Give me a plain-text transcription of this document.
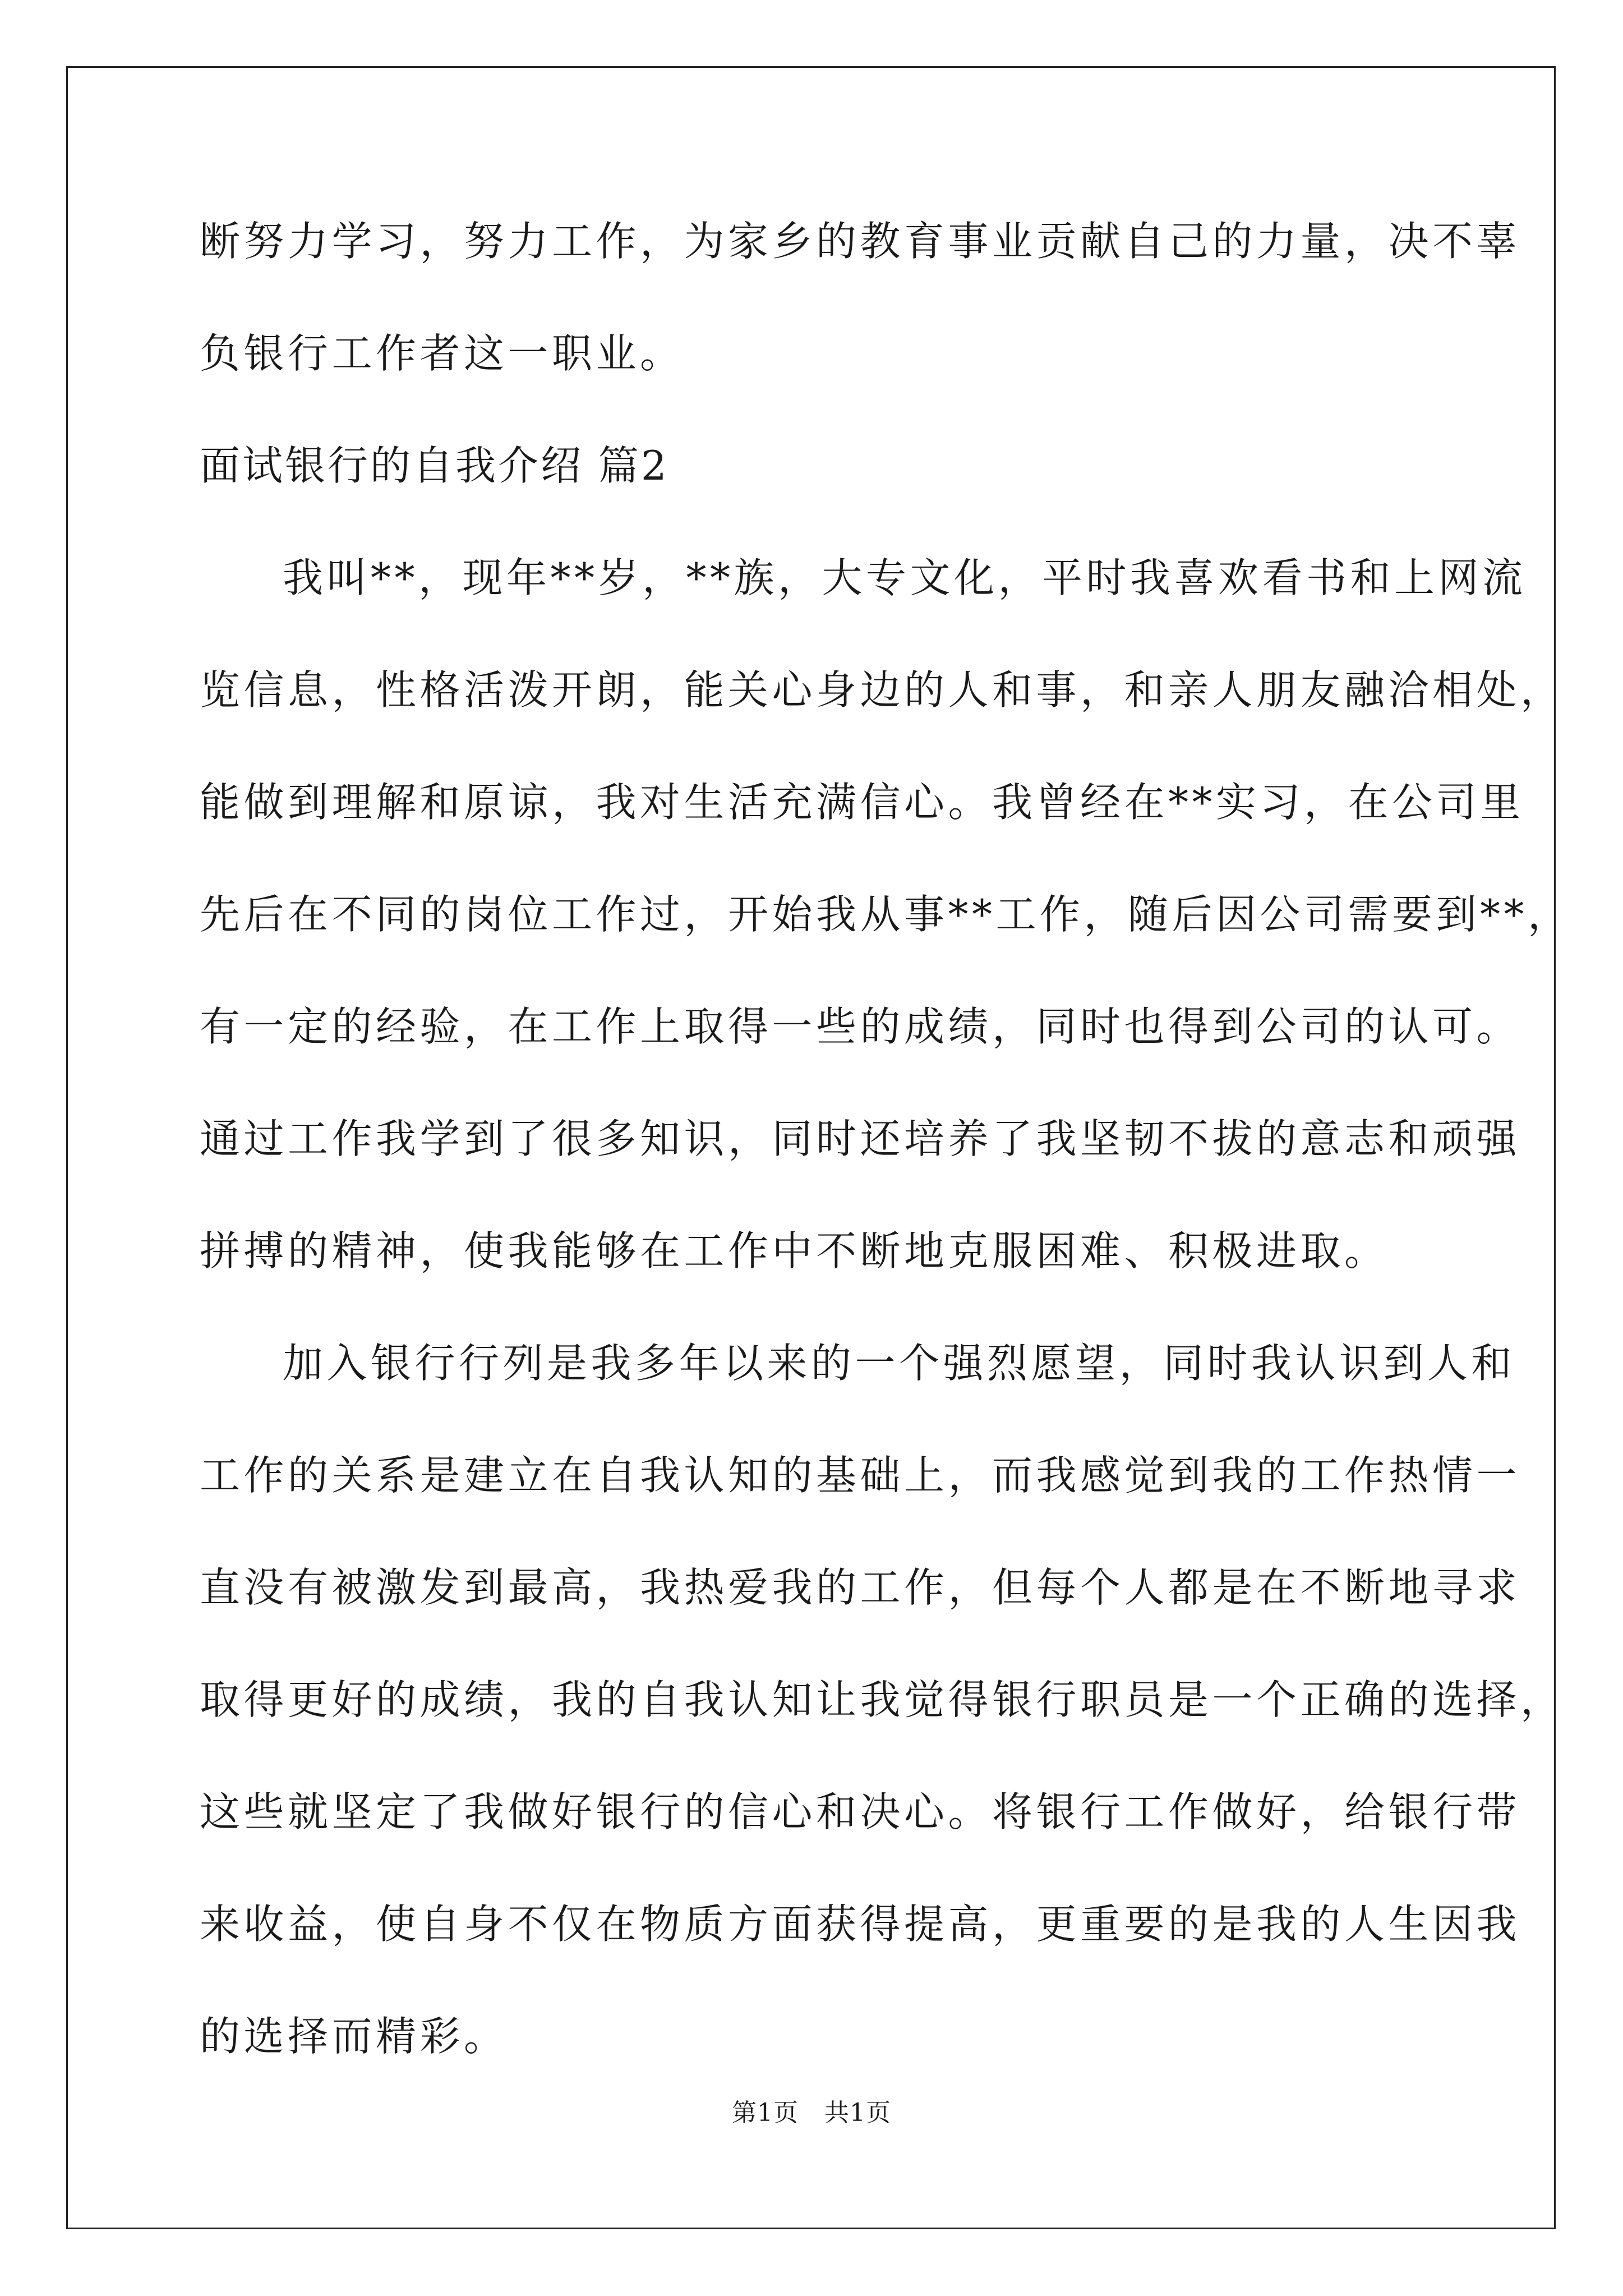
断努力学习，努力工作，为家乡的教育事业贡献自己的力量，决不辜
负银行工作者这一职业。
面试银行的自我介绍 篇2
我叫**，现年**岁，**族，大专文化，平时我喜欢看书和上网流
览信息，性格活泼开朗，能关心身边的人和事，和亲人朋友融洽相处，
能做到理解和原谅，我对生活充满信心。我曾经在**实习，在公司里
先后在不同的岗位工作过，开始我从事**工作，随后因公司需要到**，
有一定的经验，在工作上取得一些的成绩，同时也得到公司的认可。
通过工作我学到了很多知识，同时还培养了我坚韧不拔的意志和顽强
拼搏的精神，使我能够在工作中不断地克服困难、积极进取。
加入银行行列是我多年以来的一个强烈愿望，同时我认识到人和
工作的关系是建立在自我认知的基础上，而我感觉到我的工作热情一
直没有被激发到最高，我热爱我的工作，但每个人都是在不断地寻求
取得更好的成绩，我的自我认知让我觉得银行职员是一个正确的选择，
这些就坚定了我做好银行的信心和决心。将银行工作做好，给银行带
来收益，使自身不仅在物质方面获得提高，更重要的是我的人生因我
的选择而精彩。
第1页 共1页
